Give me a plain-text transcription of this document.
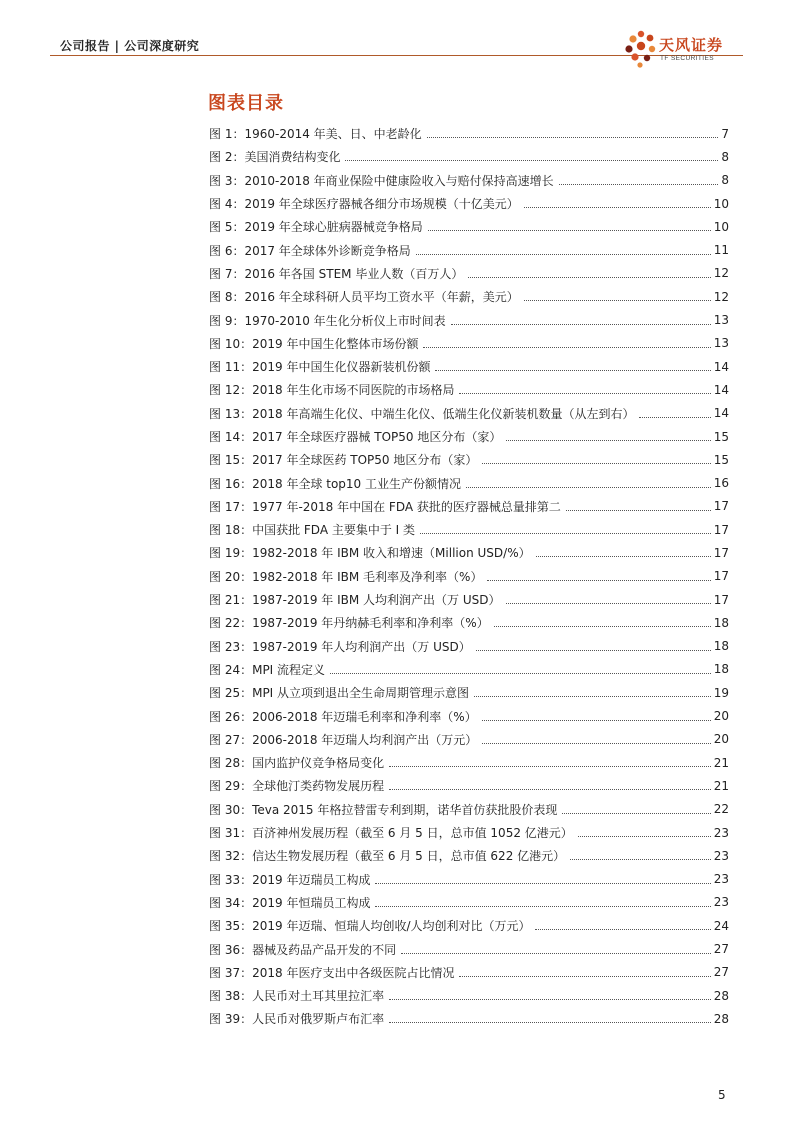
公司报告 | 公司深度研究	天风证券
TF SECURITIES
图表目录
图 1：1960-2014 年美、日、中老龄化	7
图 2：美国消费结构变化	8
图 3：2010-2018 年商业保险中健康险收入与赔付保持高速增长	8
图 4：2019 年全球医疗器械各细分市场规模（十亿美元）	10
图 5：2019 年全球心脏病器械竞争格局	10
图 6：2017 年全球体外诊断竞争格局	11
图 7：2016 年各国 STEM 毕业人数（百万人）	12
图 8：2016 年全球科研人员平均工资水平（年薪，美元）	12
图 9：1970-2010 年生化分析仪上市时间表	13
图 10：2019 年中国生化整体市场份额	13
图 11：2019 年中国生化仪器新装机份额	14
图 12：2018 年生化市场不同医院的市场格局	14
图 13：2018 年高端生化仪、中端生化仪、低端生化仪新装机数量（从左到右）	14
图 14：2017 年全球医疗器械 TOP50 地区分布（家）	15
图 15：2017 年全球医药 TOP50 地区分布（家）	15
图 16：2018 年全球 top10 工业生产份额情况	16
图 17：1977 年-2018 年中国在 FDA 获批的医疗器械总量排第二	17
图 18：中国获批 FDA 主要集中于 I 类	17
图 19：1982-2018 年 IBM 收入和增速（Million USD/%）	17
图 20：1982-2018 年 IBM 毛利率及净利率（%）	17
图 21：1987-2019 年 IBM 人均利润产出（万 USD）	17
图 22：1987-2019 年丹纳赫毛利率和净利率（%）	18
图 23：1987-2019 年人均利润产出（万 USD）	18
图 24：MPI 流程定义	18
图 25：MPI 从立项到退出全生命周期管理示意图	19
图 26：2006-2018 年迈瑞毛利率和净利率（%）	20
图 27：2006-2018 年迈瑞人均利润产出（万元）	20
图 28：国内监护仪竞争格局变化	21
图 29：全球他汀类药物发展历程	21
图 30：Teva 2015 年格拉替雷专利到期，诺华首仿获批股价表现	22
图 31：百济神州发展历程（截至 6 月 5 日，总市值 1052 亿港元）	23
图 32：信达生物发展历程（截至 6 月 5 日，总市值 622 亿港元）	23
图 33：2019 年迈瑞员工构成	23
图 34：2019 年恒瑞员工构成	23
图 35：2019 年迈瑞、恒瑞人均创收/人均创利对比（万元）	24
图 36：器械及药品产品开发的不同	27
图 37：2018 年医疗支出中各级医院占比情况	27
图 38：人民币对土耳其里拉汇率	28
图 39：人民币对俄罗斯卢布汇率	28
5
